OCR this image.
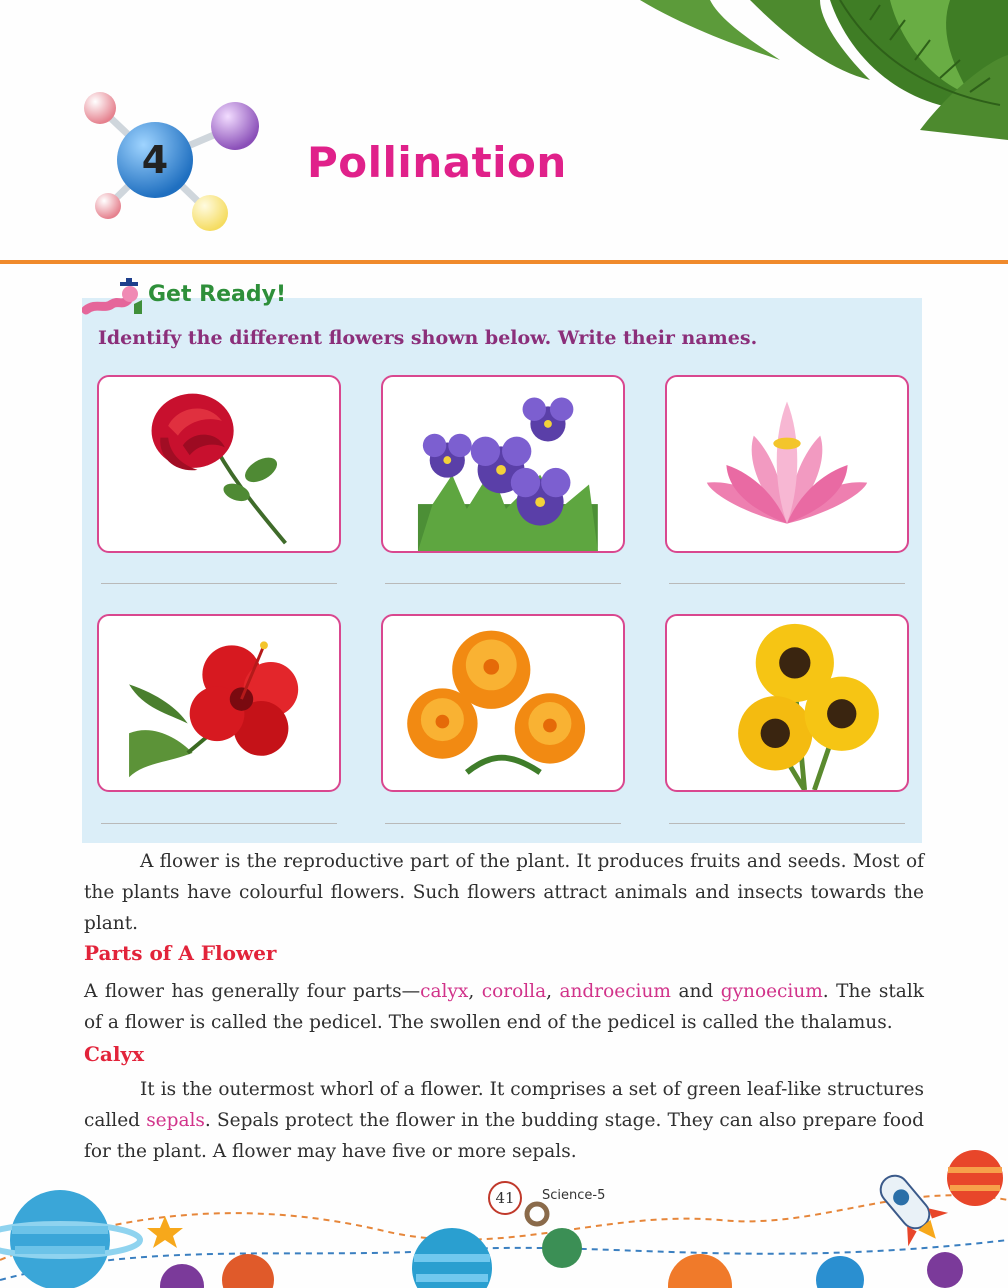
4	Pollination
Get Ready!
Identify the different flowers shown below. Write their names.
A flower is the reproductive part of the plant. It produces fruits and seeds. Most of the plants have colourful flowers. Such flowers attract animals and insects towards the plant.
Parts of A Flower
A flower has generally four parts—calyx, corolla, androecium and gynoecium. The stalk of a flower is called the pedicel. The swollen end of the pedicel is called the thalamus.
Calyx
It is the outermost whorl of a flower. It comprises a set of green leaf-like structures called sepals. Sepals protect the flower in the budding stage. They can also prepare food for the plant. A flower may have five or more sepals.
41	Science-5
